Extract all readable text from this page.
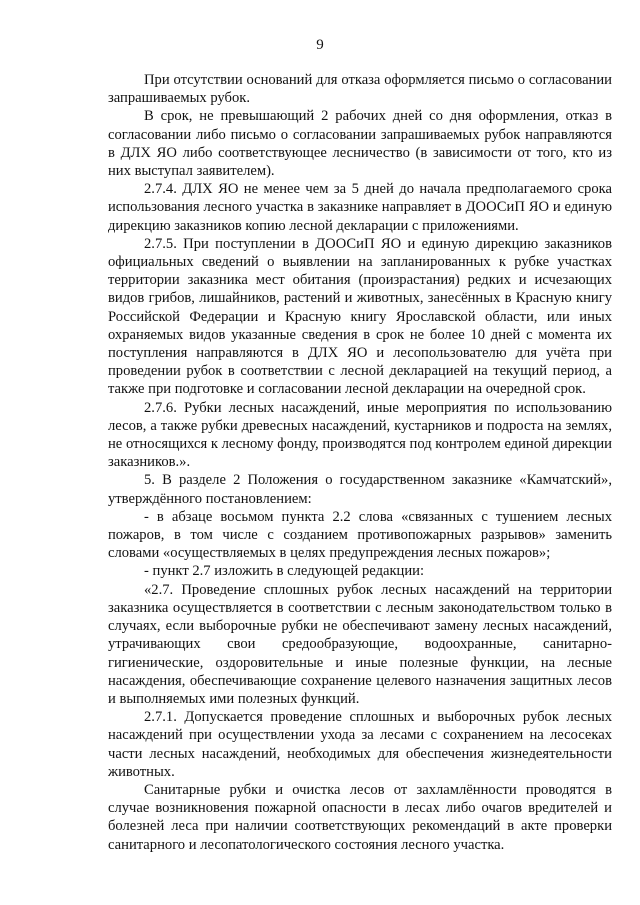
9

При отсутствии оснований для отказа оформляется письмо о согласовании запрашиваемых рубок.

В срок, не превышающий 2 рабочих дней со дня оформления, отказ в согласовании либо письмо о согласовании запрашиваемых рубок направляются в ДЛХ ЯО либо соответствующее лесничество (в зависимости от того, кто из них выступал заявителем).

2.7.4. ДЛХ ЯО не менее чем за 5 дней до начала предполагаемого срока использования лесного участка в заказнике направляет в ДООСиП ЯО и единую дирекцию заказников копию лесной декларации с приложениями.

2.7.5. При поступлении в ДООСиП ЯО и единую дирекцию заказников официальных сведений о выявлении на запланированных к рубке участках территории заказника мест обитания (произрастания) редких и исчезающих видов грибов, лишайников, растений и животных, занесённых в Красную книгу Российской Федерации и Красную книгу Ярославской области, или иных охраняемых видов указанные сведения в срок не более 10 дней с момента их поступления направляются в ДЛХ ЯО и лесопользователю для учёта при проведении рубок в соответствии с лесной декларацией на текущий период, а также при подготовке и согласовании лесной декларации на очередной срок.

2.7.6. Рубки лесных насаждений, иные мероприятия по использованию лесов, а также рубки древесных насаждений, кустарников и подроста на землях, не относящихся к лесному фонду, производятся под контролем единой дирекции заказников.».

5. В разделе 2 Положения о государственном заказнике «Камчатский», утверждённого постановлением:

- в абзаце восьмом пункта 2.2 слова «связанных с тушением лесных пожаров, в том числе с созданием противопожарных разрывов» заменить словами «осуществляемых в целях предупреждения лесных пожаров»;

- пункт 2.7 изложить в следующей редакции:

«2.7. Проведение сплошных рубок лесных насаждений на территории заказника осуществляется в соответствии с лесным законодательством только в случаях, если выборочные рубки не обеспечивают замену лесных насаждений, утрачивающих свои средообразующие, водоохранные, санитарно-гигиенические, оздоровительные и иные полезные функции, на лесные насаждения, обеспечивающие сохранение целевого назначения защитных лесов и выполняемых ими полезных функций.

2.7.1. Допускается проведение сплошных и выборочных рубок лесных насаждений при осуществлении ухода за лесами с сохранением на лесосеках части лесных насаждений, необходимых для обеспечения жизнедеятельности животных.

Санитарные рубки и очистка лесов от захламлённости проводятся в случае возникновения пожарной опасности в лесах либо очагов вредителей и болезней леса при наличии соответствующих рекомендаций в акте проверки санитарного и лесопатологического состояния лесного участка.
